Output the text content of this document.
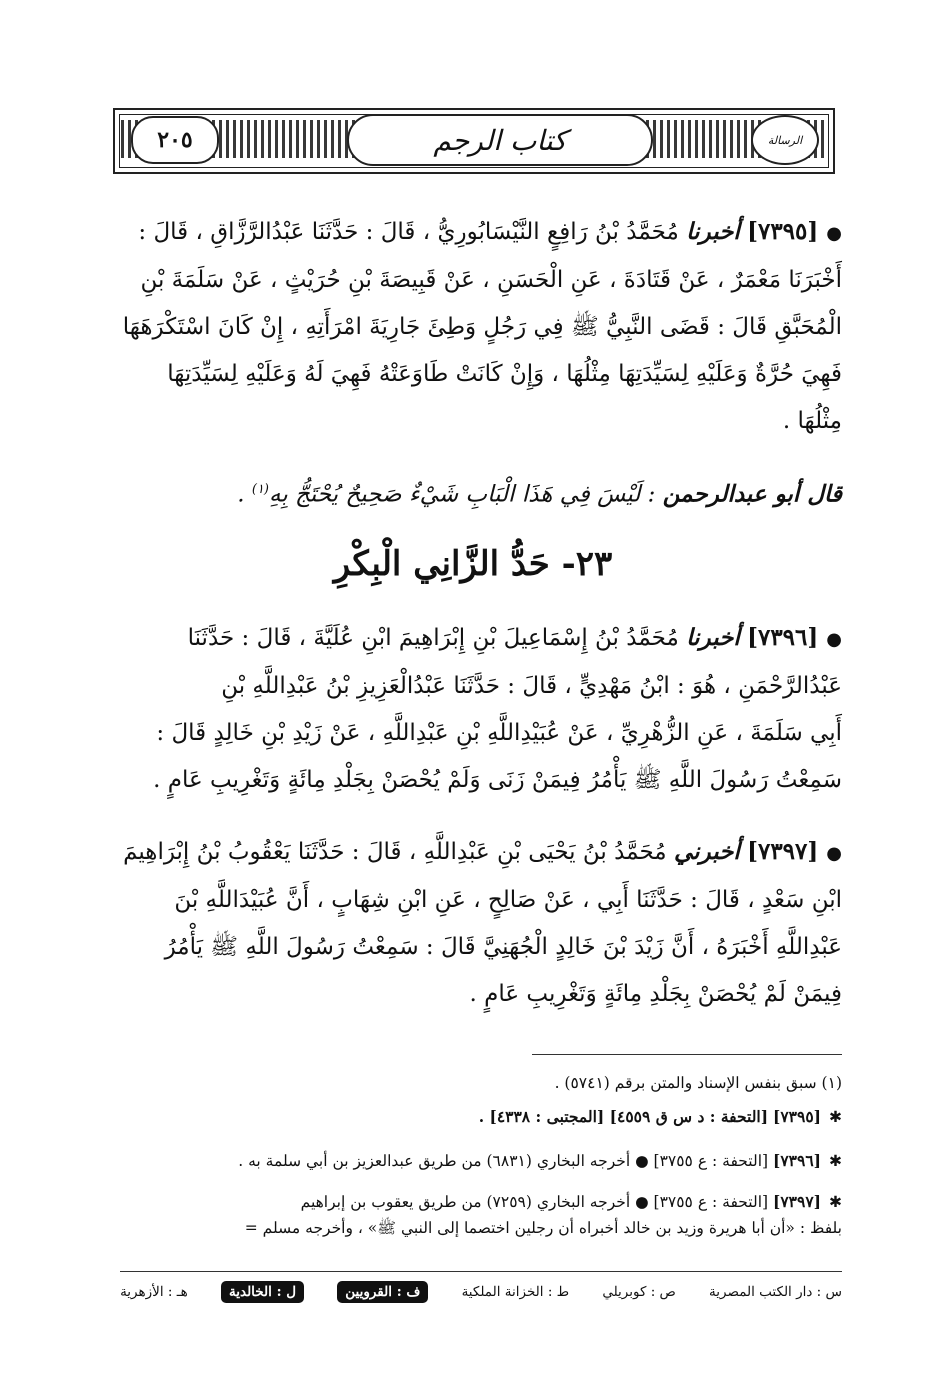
الرسالة
كتاب الرجم
٢٠٥
●[٧٣٩٥] أخبرنا مُحَمَّدُ بْنُ رَافِعٍ النَّيْسَابُورِيُّ ، قَالَ : حَدَّثَنَا عَبْدُالرَّزَّاقِ ، قَالَ :
أَخْبَرَنَا مَعْمَرٌ ، عَنْ قَتَادَةَ ، عَنِ الْحَسَنِ ، عَنْ قَبِيصَةَ بْنِ حُرَيْثٍ ، عَنْ سَلَمَةَ بْنِ
الْمُحَبَّقِ قَالَ : قَضَى النَّبِيُّ ﷺ فِي رَجُلٍ وَطِئَ جَارِيَةَ امْرَأَتِهِ ، إِنْ كَانَ اسْتَكْرَهَهَا
فَهِيَ حُرَّةٌ وَعَلَيْهِ لِسَيِّدَتِهَا مِثْلُهَا ، وَإِنْ كَانَتْ طَاوَعَتْهُ فَهِيَ لَهُ وَعَلَيْهِ لِسَيِّدَتِهَا
مِثْلُهَا .
قال أبو عبدالرحمن : لَيْسَ فِي هَذَا الْبَابِ شَيْءٌ صَحِيحٌ يُحْتَجُّ بِهِ$^{(١)}$ .
٢٣- حَدُّ الزَّانِي الْبِكْرِ
●[٧٣٩٦] أخبرنا مُحَمَّدُ بْنُ إِسْمَاعِيلَ بْنِ إِبْرَاهِيمَ ابْنِ عُلَيَّةَ ، قَالَ : حَدَّثَنَا
عَبْدُالرَّحْمَنِ ، هُوَ : ابْنُ مَهْدِيٍّ ، قَالَ : حَدَّثَنَا عَبْدُالْعَزِيزِ بْنُ عَبْدِاللَّهِ بْنِ
أَبِي سَلَمَةَ ، عَنِ الزُّهْرِيِّ ، عَنْ عُبَيْدِاللَّهِ بْنِ عَبْدِاللَّهِ ، عَنْ زَيْدِ بْنِ خَالِدٍ قَالَ :
سَمِعْتُ رَسُولَ اللَّهِ ﷺ يَأْمُرُ فِيمَنْ زَنَى وَلَمْ يُحْصَنْ بِجَلْدِ مِائَةٍ وَتَغْرِيبِ عَامٍ .
●[٧٣٩٧] أخبرني مُحَمَّدُ بْنُ يَحْيَى بْنِ عَبْدِاللَّهِ ، قَالَ : حَدَّثَنَا يَعْقُوبُ بْنُ إِبْرَاهِيمَ
ابْنِ سَعْدٍ ، قَالَ : حَدَّثَنَا أَبِي ، عَنْ صَالِحٍ ، عَنِ ابْنِ شِهَابٍ ، أَنَّ عُبَيْدَاللَّهِ بْنَ
عَبْدِاللَّهِ أَخْبَرَهُ ، أَنَّ زَيْدَ بْنَ خَالِدٍ الْجُهَنِيَّ قَالَ : سَمِعْتُ رَسُولَ اللَّهِ ﷺ يَأْمُرُ
فِيمَنْ لَمْ يُحْصَنْ بِجَلْدِ مِائَةٍ وَتَغْرِيبِ عَامٍ .
(١) سبق بنفس الإسناد والمتن برقم (٥٧٤١) .
✱[٧٣٩٥] [التحفة : د س ق ٤٥٥٩] [المجتبى : ٤٣٣٨] .
✱[٧٣٩٦] [التحفة : ع ٣٧٥٥] ● أخرجه البخاري (٦٨٣١) من طريق عبدالعزيز بن أبي سلمة به .
✱[٧٣٩٧] [التحفة : ع ٣٧٥٥] ● أخرجه البخاري (٧٢٥٩) من طريق يعقوب بن إبراهيم
بلفظ : «أن أبا هريرة وزيد بن خالد أخبراه أن رجلين اختصما إلى النبي ﷺ» ، وأخرجه مسلم =
س : دار الكتب المصرية
ص : كوبريلي
ط : الخزانة الملكية
ف : القرويين
ل : الخالدية
هـ : الأزهرية
